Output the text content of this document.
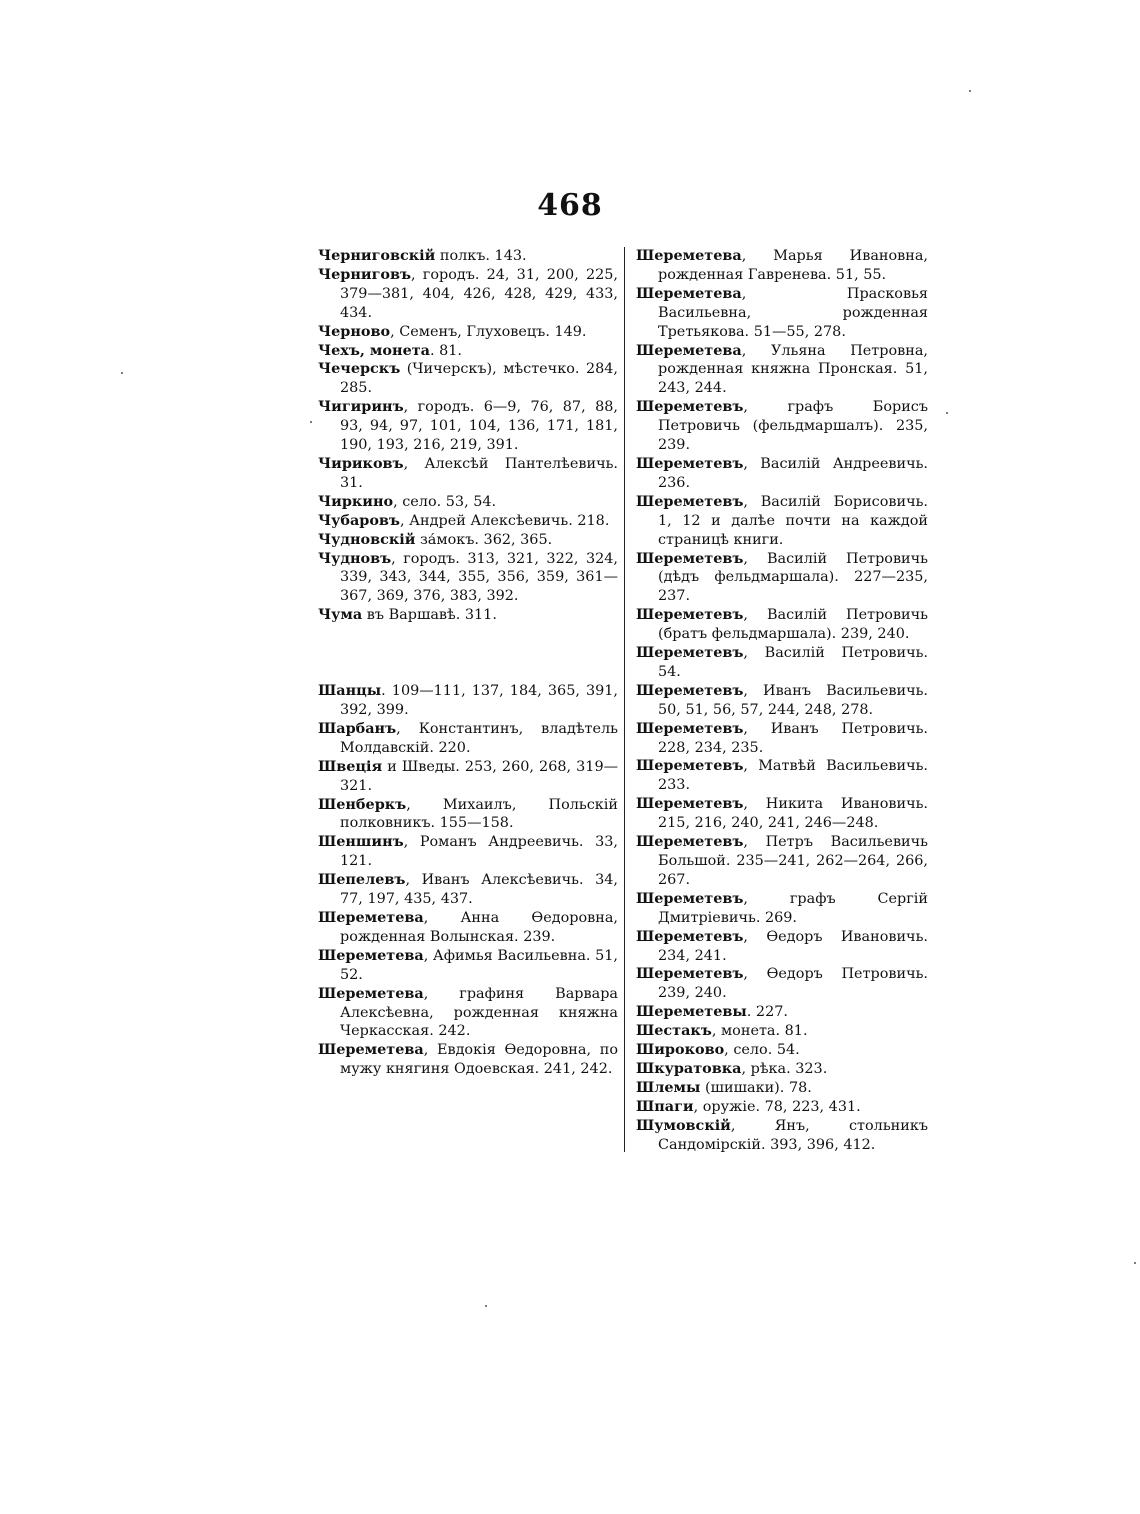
468

Черниговскій полкъ. 143.

Черниговъ, городъ. 24, 31, 200, 225, 379—381, 404, 426, 428, 429, 433, 434.

Черново, Семенъ, Глуховецъ. 149.

Чехъ, монета. 81.

Чечерскъ (Чичерскъ), мѣстечко. 284, 285.

Чигиринъ, городъ. 6—9, 76, 87, 88, 93, 94, 97, 101, 104, 136, 171, 181, 190, 193, 216, 219, 391.

Чириковъ, Алексѣй Пантелѣевичь. 31.

Чиркино, село. 53, 54.

Чубаровъ, Андрей Алексѣевичь. 218.

Чудновскій за́мокъ. 362, 365.

Чудновъ, городъ. 313, 321, 322, 324, 339, 343, 344, 355, 356, 359, 361—367, 369, 376, 383, 392.

Чума въ Варшавѣ. 311.

Шанцы. 109—111, 137, 184, 365, 391, 392, 399.

Шарбанъ, Константинъ, владѣтель Молдавскій. 220.

Швеція и Шведы. 253, 260, 268, 319—321.

Шенберкъ, Михаилъ, Польскій полковникъ. 155—158.

Шеншинъ, Романъ Андреевичь. 33, 121.

Шепелевъ, Иванъ Алексѣевичь. 34, 77, 197, 435, 437.

Шереметева, Анна Ѳедоровна, рожденная Волынская. 239.

Шереметева, Афимья Васильевна. 51, 52.

Шереметева, графиня Варвара Алексѣевна, рожденная княжна Черкасская. 242.

Шереметева, Евдокія Ѳедоровна, по мужу княгиня Одоевская. 241, 242.

Шереметева, Марья Ивановна, рожденная Гавренева. 51, 55.

Шереметева, Прасковья Васильевна, рожденная Третьякова. 51—55, 278.

Шереметева, Ульяна Петровна, рожденная княжна Пронская. 51, 243, 244.

Шереметевъ, графъ Борисъ Петровичь (фельдмаршалъ). 235, 239.

Шереметевъ, Василій Андреевичь. 236.

Шереметевъ, Василій Борисовичь. 1, 12 и далѣе почти на каждой страницѣ книги.

Шереметевъ, Василій Петровичь (дѣдъ фельдмаршала). 227—235, 237.

Шереметевъ, Василій Петровичь (братъ фельдмаршала). 239, 240.

Шереметевъ, Василій Петровичь. 54.

Шереметевъ, Иванъ Васильевичь. 50, 51, 56, 57, 244, 248, 278.

Шереметевъ, Иванъ Петровичь. 228, 234, 235.

Шереметевъ, Матвѣй Васильевичь. 233.

Шереметевъ, Никита Ивановичь. 215, 216, 240, 241, 246—248.

Шереметевъ, Петръ Васильевичь Большой. 235—241, 262—264, 266, 267.

Шереметевъ, графъ Сергій Дмитріевичь. 269.

Шереметевъ, Ѳедоръ Ивановичь. 234, 241.

Шереметевъ, Ѳедоръ Петровичь. 239, 240.

Шереметевы. 227.

Шестакъ, монета. 81.

Широково, село. 54.

Шкуратовка, рѣка. 323.

Шлемы (шишаки). 78.

Шпаги, оружіе. 78, 223, 431.

Шумовскій, Янъ, стольникъ Сандомірскій. 393, 396, 412.
